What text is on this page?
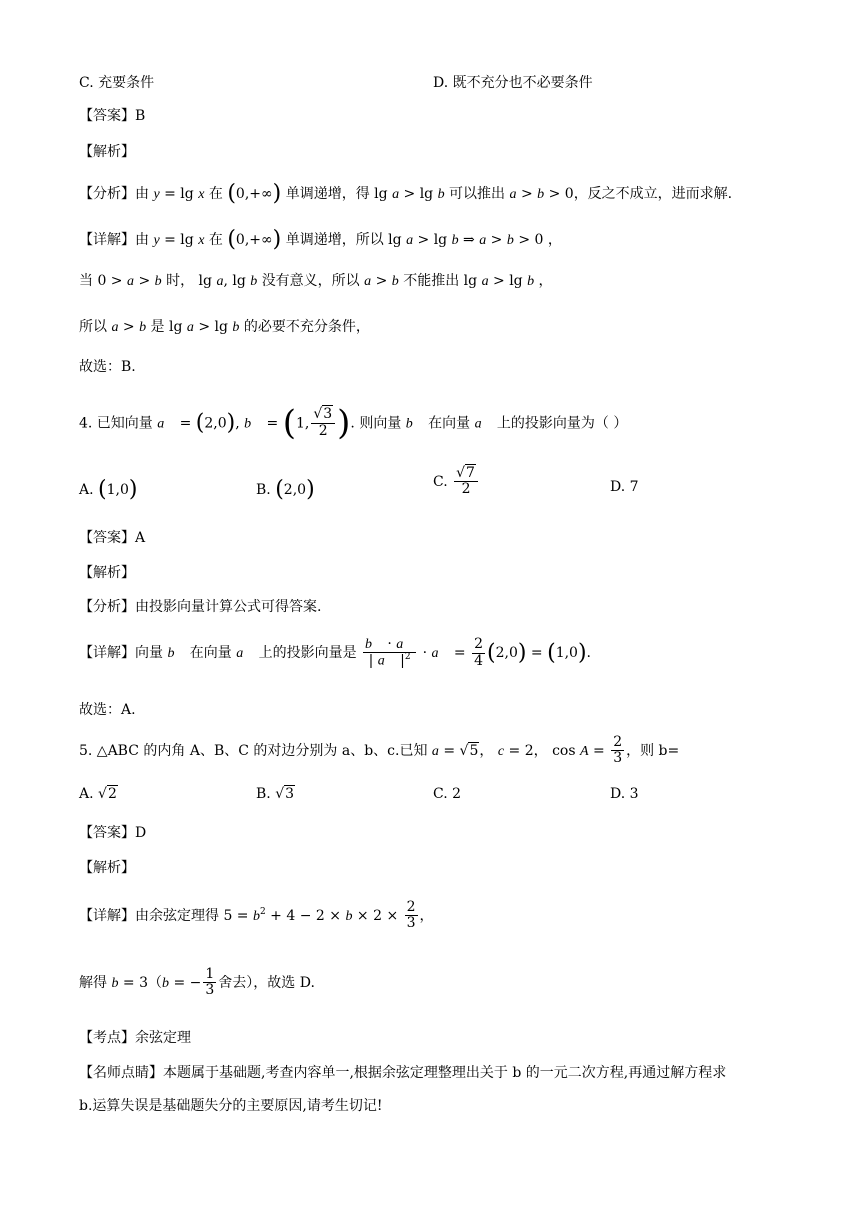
C. 充要条件	D. 既不充分也不必要条件
【答案】B
【解析】
【分析】由 y = lg x 在 (0,+∞) 单调递增，得 lg a > lg b 可以推出 a > b > 0，反之不成立，进而求解.
【详解】由 y = lg x 在 (0,+∞) 单调递增，所以 lg a > lg b ⇒ a > b > 0 ，
当 0 > a > b 时， lg a, lg b 没有意义，所以 a > b 不能推出 lg a > lg b ，
所以 a > b 是 lg a > lg b 的必要不充分条件，
故选：B.
4. 已知向量 a⃗ = (2,0), b⃗ = (1, $\frac{√3}{2}$ ). 则向量 b⃗ 在向量 a⃗ 上的投影向量为（ ）
A. (1,0)	B. (2,0)	C. $\frac{√7}{2}$	D. 7
【答案】A
【解析】
【分析】由投影向量计算公式可得答案.
【详解】向量 b⃗ 在向量 a⃗ 上的投影向量是 $\frac{b⃗ \cdot a⃗}{| a⃗ |^2}$ · a⃗ = $\frac{2}{4} (2,0) = (1,0)$.
故选：A.
5. △ABC 的内角 A、B、C 的对边分别为 a、b、c.已知 a = √5， c = 2， $\cos A = \frac{2}{3}$ ，则 b=
A. √2	B. √3	C. 2	D. 3
【答案】D
【解析】
【详解】由余弦定理得 $5 = b^2 + 4 - 2 \times b \times 2 \times \frac{2}{3}$ ，
解得 b = 3（b = − $\frac{1}{3}$ 舍去），故选 D.
【考点】余弦定理
【名师点睛】本题属于基础题,考查内容单一,根据余弦定理整理出关于 b 的一元二次方程,再通过解方程求
b.运算失误是基础题失分的主要原因,请考生切记!
